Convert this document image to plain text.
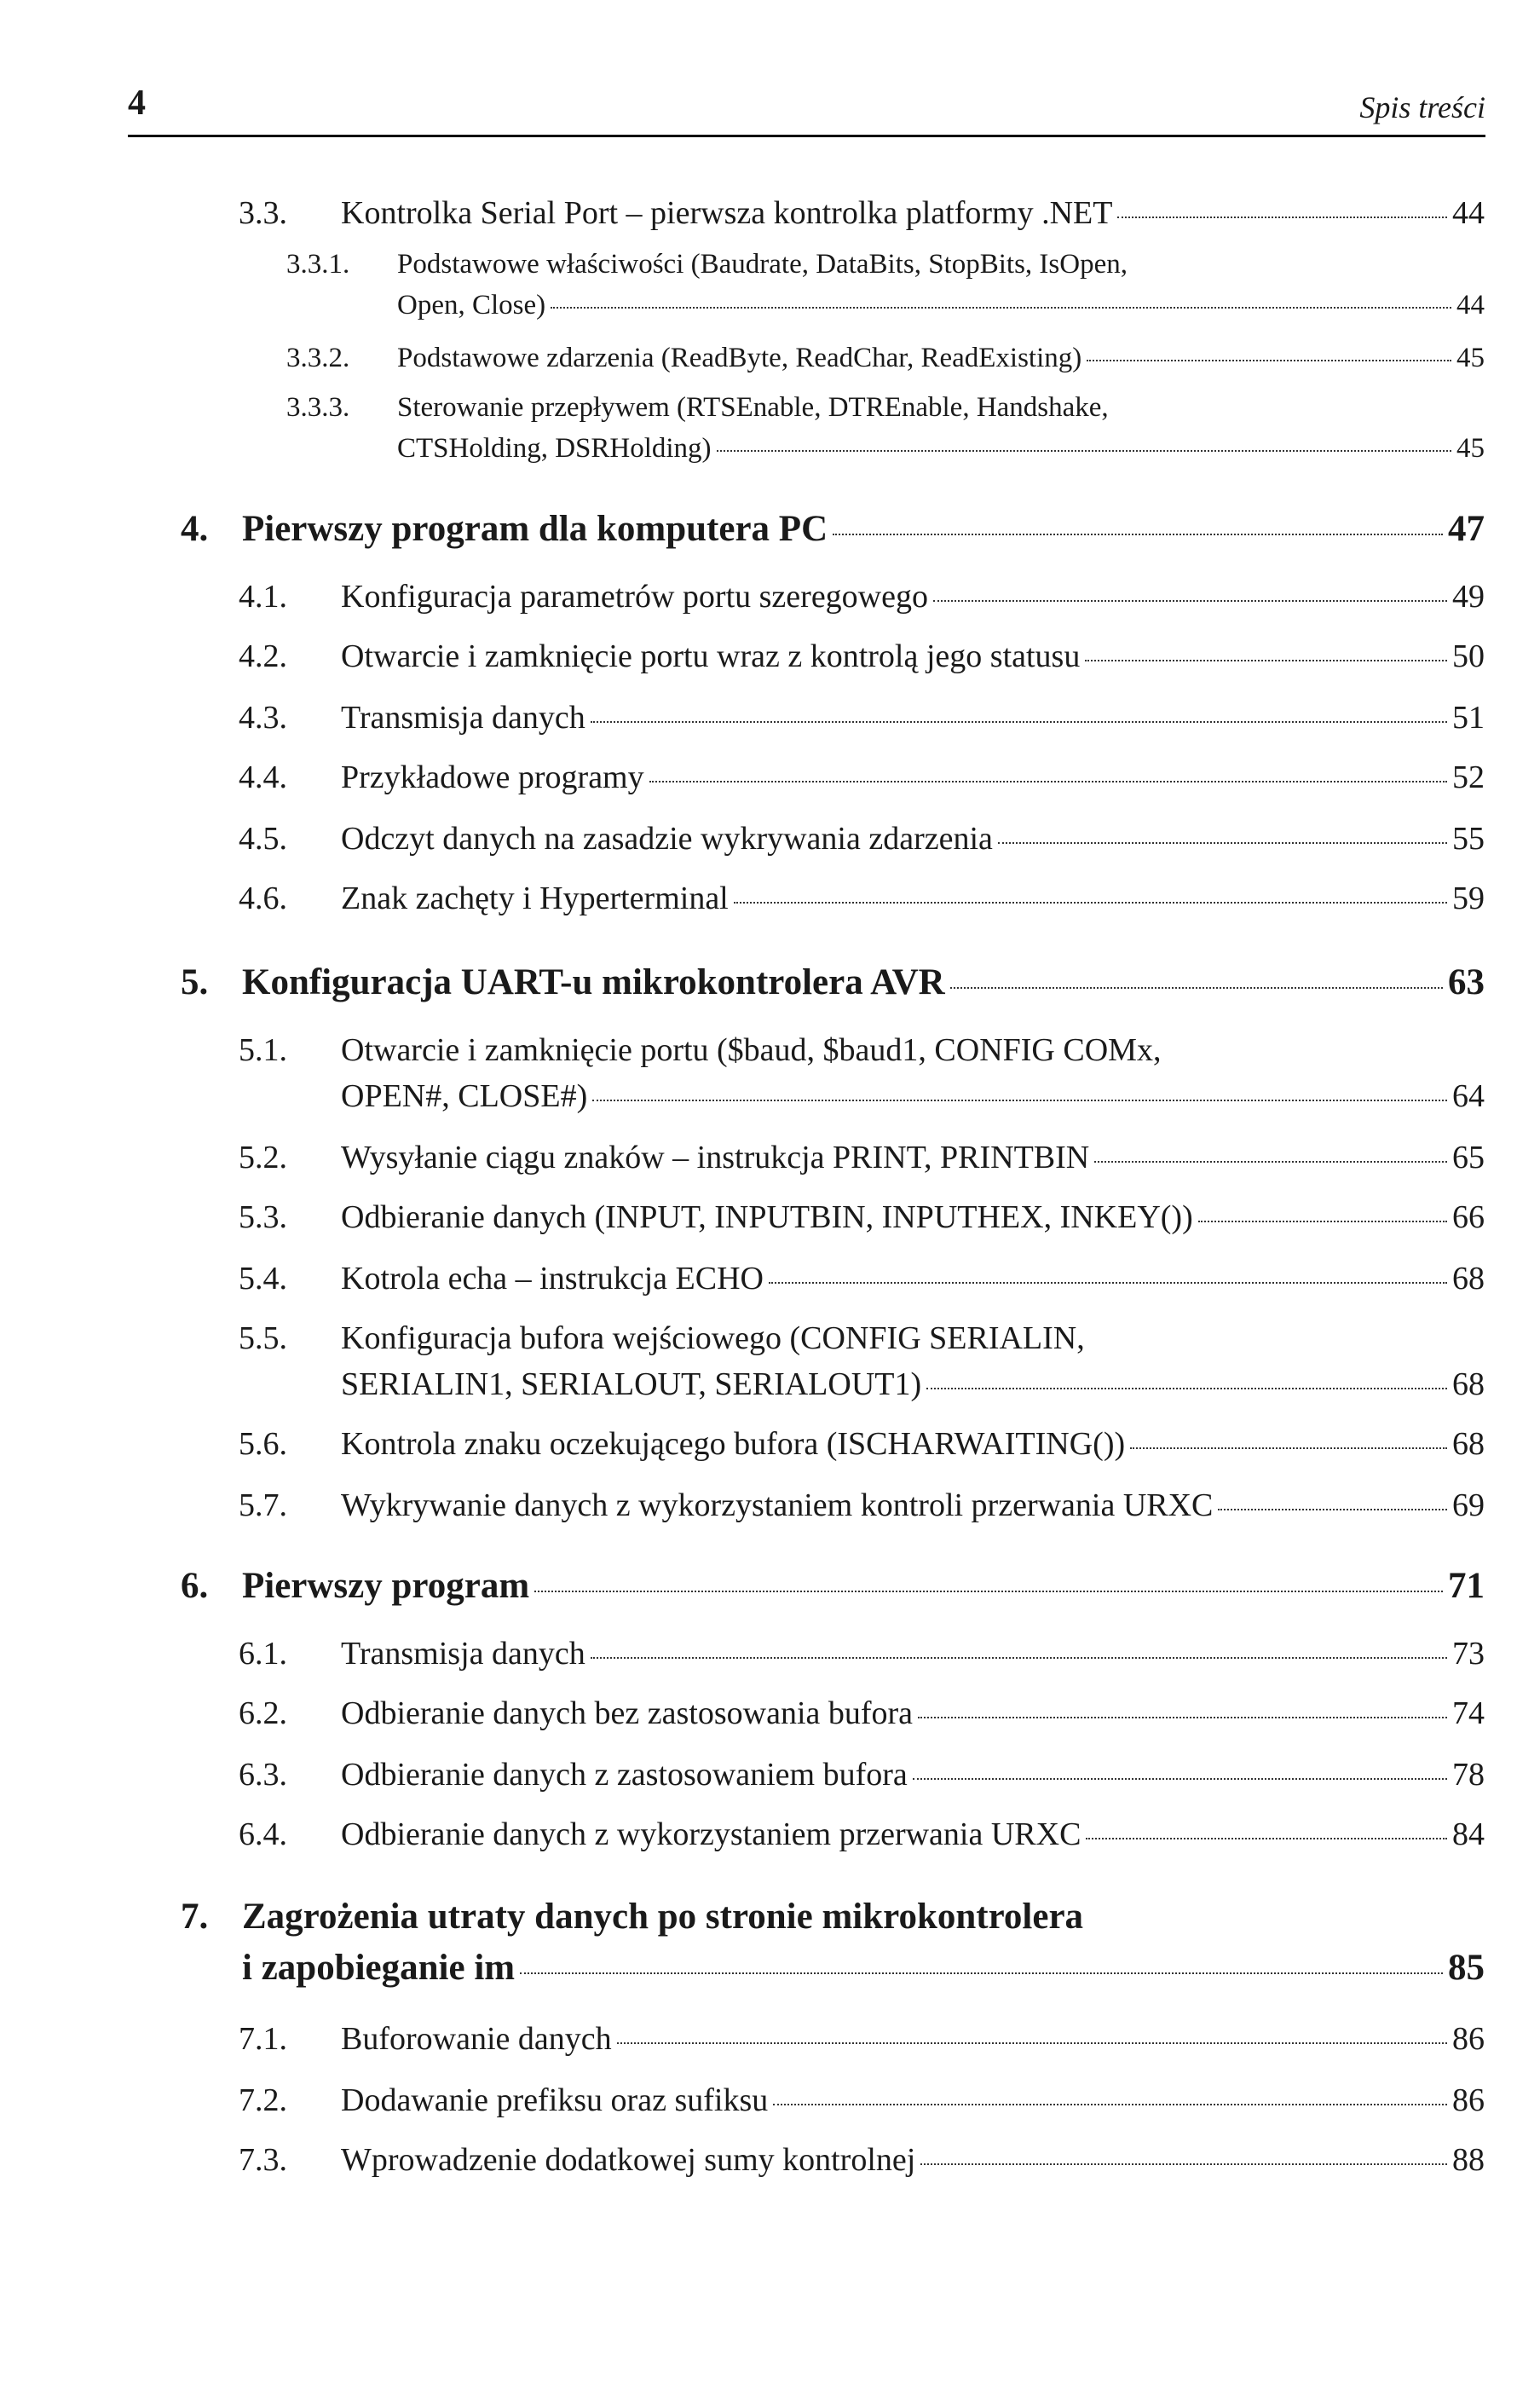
4	Spis treści
3.3.	Kontrolka Serial Port – pierwsza kontrolka platformy .NET	44
3.3.1. Podstawowe właściwości (Baudrate, DataBits, StopBits, IsOpen,
Open, Close)	44
3.3.2.	Podstawowe zdarzenia (ReadByte, ReadChar, ReadExisting)	45
3.3.3. Sterowanie przepływem (RTSEnable, DTREnable, Handshake,
CTSHolding, DSRHolding)	45
4. Pierwszy program dla komputera PC	47
4.1.	Konfiguracja parametrów portu szeregowego	49
4.2.	Otwarcie i zamknięcie portu wraz z kontrolą jego statusu	50
4.3.	Transmisja danych	51
4.4.	Przykładowe programy	52
4.5.	Odczyt danych na zasadzie wykrywania zdarzenia	55
4.6.	Znak zachęty i Hyperterminal	59
5. Konfiguracja UART-u mikrokontrolera AVR	63
5.1. Otwarcie i zamknięcie portu ($baud, $baud1, CONFIG COMx,
OPEN#, CLOSE#)	64
5.2.	Wysyłanie ciągu znaków – instrukcja PRINT, PRINTBIN	65
5.3.	Odbieranie danych (INPUT, INPUTBIN, INPUTHEX, INKEY())	66
5.4.	Kotrola echa – instrukcja ECHO	68
5.5. Konfiguracja bufora wejściowego (CONFIG SERIALIN,
SERIALIN1, SERIALOUT, SERIALOUT1)	68
5.6.	Kontrola znaku oczekującego bufora (ISCHARWAITING())	68
5.7.	Wykrywanie danych z wykorzystaniem kontroli przerwania URXC	69
6. Pierwszy program	71
6.1.	Transmisja danych	73
6.2.	Odbieranie danych bez zastosowania bufora	74
6.3.	Odbieranie danych z zastosowaniem bufora	78
6.4.	Odbieranie danych z wykorzystaniem przerwania URXC	84
7. Zagrożenia utraty danych po stronie mikrokontrolera
i zapobieganie im	85
7.1.	Buforowanie danych	86
7.2.	Dodawanie prefiksu oraz sufiksu	86
7.3.	Wprowadzenie dodatkowej sumy kontrolnej	88
